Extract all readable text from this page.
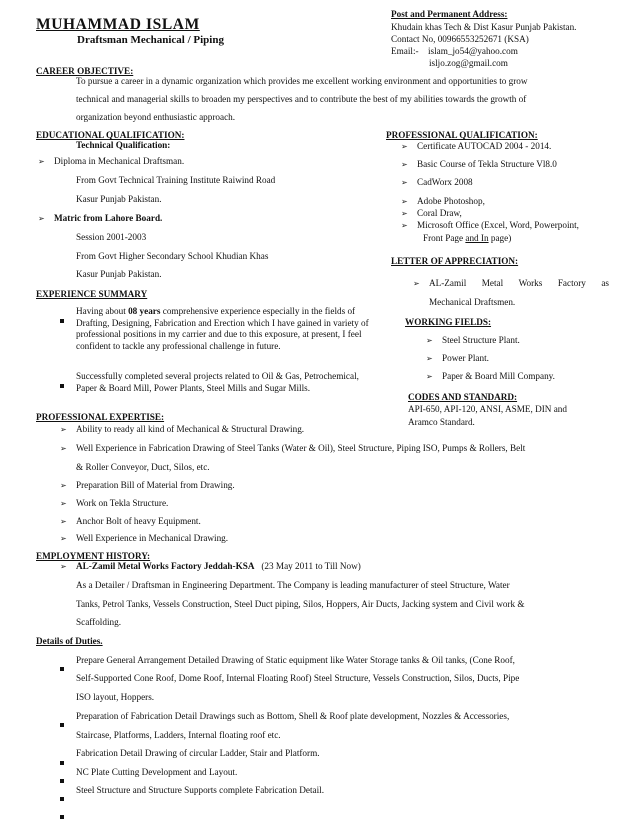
MUHAMMAD ISLAM
Draftsman Mechanical / Piping
Post and Permanent Address:
Khudain khas Tech & Dist Kasur Punjab Pakistan.
Contact No, 00966553252671 (KSA)
Email:- islam_jo54@yahoo.com
isljo.zog@gmail.com
CAREER OBJECTIVE:
To pursue a career in a dynamic organization which provides me excellent working environment and opportunities to grow
technical and managerial skills to broaden my perspectives and to contribute the best of my abilities towards the growth of
organization beyond enthusiastic approach.
EDUCATIONAL QUALIFICATION:
Technical Qualification:
➢ Diploma in Mechanical Draftsman.
From Govt Technical Training Institute Raiwind Road
Kasur Punjab Pakistan.
➢ Matric from Lahore Board.
Session 2001-2003
From Govt Higher Secondary School Khudian Khas
Kasur Punjab Pakistan.
PROFESSIONAL QUALIFICATION:
➢ Certificate AUTOCAD 2004 - 2014.
➢ Basic Course of Tekla Structure Vl8.0
➢ CadWorx 2008
➢ Adobe Photoshop,
➢ Coral Draw,
➢ Microsoft Office (Excel, Word, Powerpoint,
Front Page and In page)
LETTER OF APPRECIATION:
➢	AL-Zamil Metal Works Factory as
Mechanical Draftsmen.
WORKING FIELDS:
➢ Steel Structure Plant.
➢ Power Plant.
➢ Paper & Board Mill Company.
CODES AND STANDARD:
API-650, API-120, ANSI, ASME, DIN and
Aramco Standard.
EXPERIENCE SUMMARY
Having about 08 years comprehensive experience especially in the fields of Drafting, Designing, Fabrication and Erection which I have gained in variety of professional positions in my carrier and due to this exposure, at present, I feel confident to tackle any professional challenge in future.
Successfully completed several projects related to Oil & Gas, Petrochemical, Paper & Board Mill, Power Plants, Steel Mills and Sugar Mills.
PROFESSIONAL EXPERTISE:
➢ Ability to ready all kind of Mechanical & Structural Drawing.
➢ Well Experience in Fabrication Drawing of Steel Tanks (Water & Oil), Steel Structure, Piping ISO, Pumps & Rollers, Belt
& Roller Conveyor, Duct, Silos, etc.
➢ Preparation Bill of Material from Drawing.
➢ Work on Tekla Structure.
➢ Anchor Bolt of heavy Equipment.
➢ Well Experience in Mechanical Drawing.
EMPLOYMENT HISTORY:
➢ AL-Zamil Metal Works Factory Jeddah-KSA (23 May 2011 to Till Now)
As a Detailer / Draftsman in Engineering Department. The Company is leading manufacturer of steel Structure, Water
Tanks, Petrol Tanks, Vessels Construction, Steel Duct piping, Silos, Hoppers, Air Ducts, Jacking system and Civil work &
Scaffolding.
Details of Duties.
Prepare General Arrangement Detailed Drawing of Static equipment like Water Storage tanks & Oil tanks, (Cone Roof,
Self-Supported Cone Roof, Dome Roof, Internal Floating Roof) Steel Structure, Vessels Construction, Silos, Ducts, Pipe
ISO layout, Hoppers.
Preparation of Fabrication Detail Drawings such as Bottom, Shell & Roof plate development, Nozzles & Accessories,
Staircase, Platforms, Ladders, Internal floating roof etc.
Fabrication Detail Drawing of circular Ladder, Stair and Platform.
NC Plate Cutting Development and Layout.
Steel Structure and Structure Supports complete Fabrication Detail.
